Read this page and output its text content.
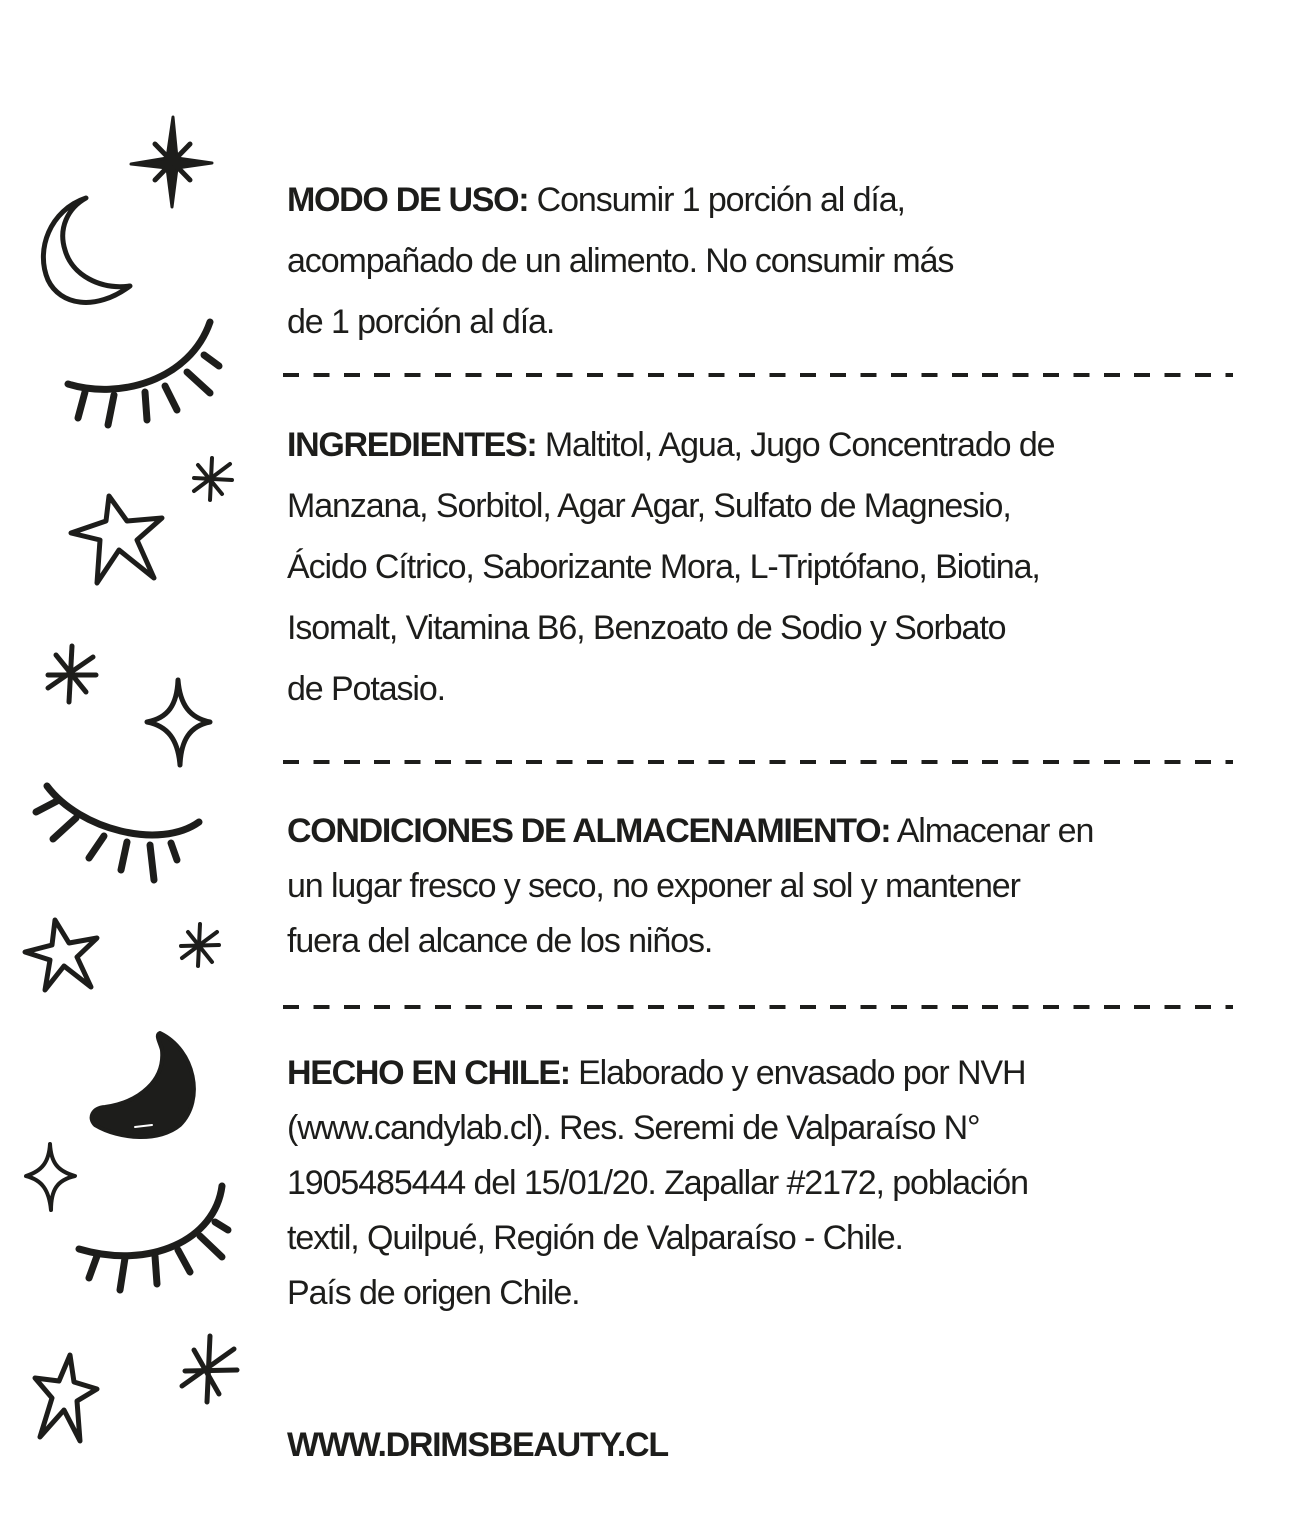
MODO DE USO: Consumir 1 porción al día,
acompañado de un alimento. No consumir más
de 1 porción al día.
INGREDIENTES: Maltitol, Agua, Jugo Concentrado de
Manzana, Sorbitol, Agar Agar, Sulfato de Magnesio,
Ácido Cítrico, Saborizante Mora, L-Triptófano, Biotina,
Isomalt, Vitamina B6, Benzoato de Sodio y Sorbato
de Potasio.
CONDICIONES DE ALMACENAMIENTO: Almacenar en
un lugar fresco y seco, no exponer al sol y mantener
fuera del alcance de los niños.
HECHO EN CHILE: Elaborado y envasado por NVH
(www.candylab.cl). Res. Seremi de Valparaíso N°
1905485444 del 15/01/20. Zapallar #2172, población
textil, Quilpué, Región de Valparaíso - Chile.
País de origen Chile.
WWW.DRIMSBEAUTY.CL
